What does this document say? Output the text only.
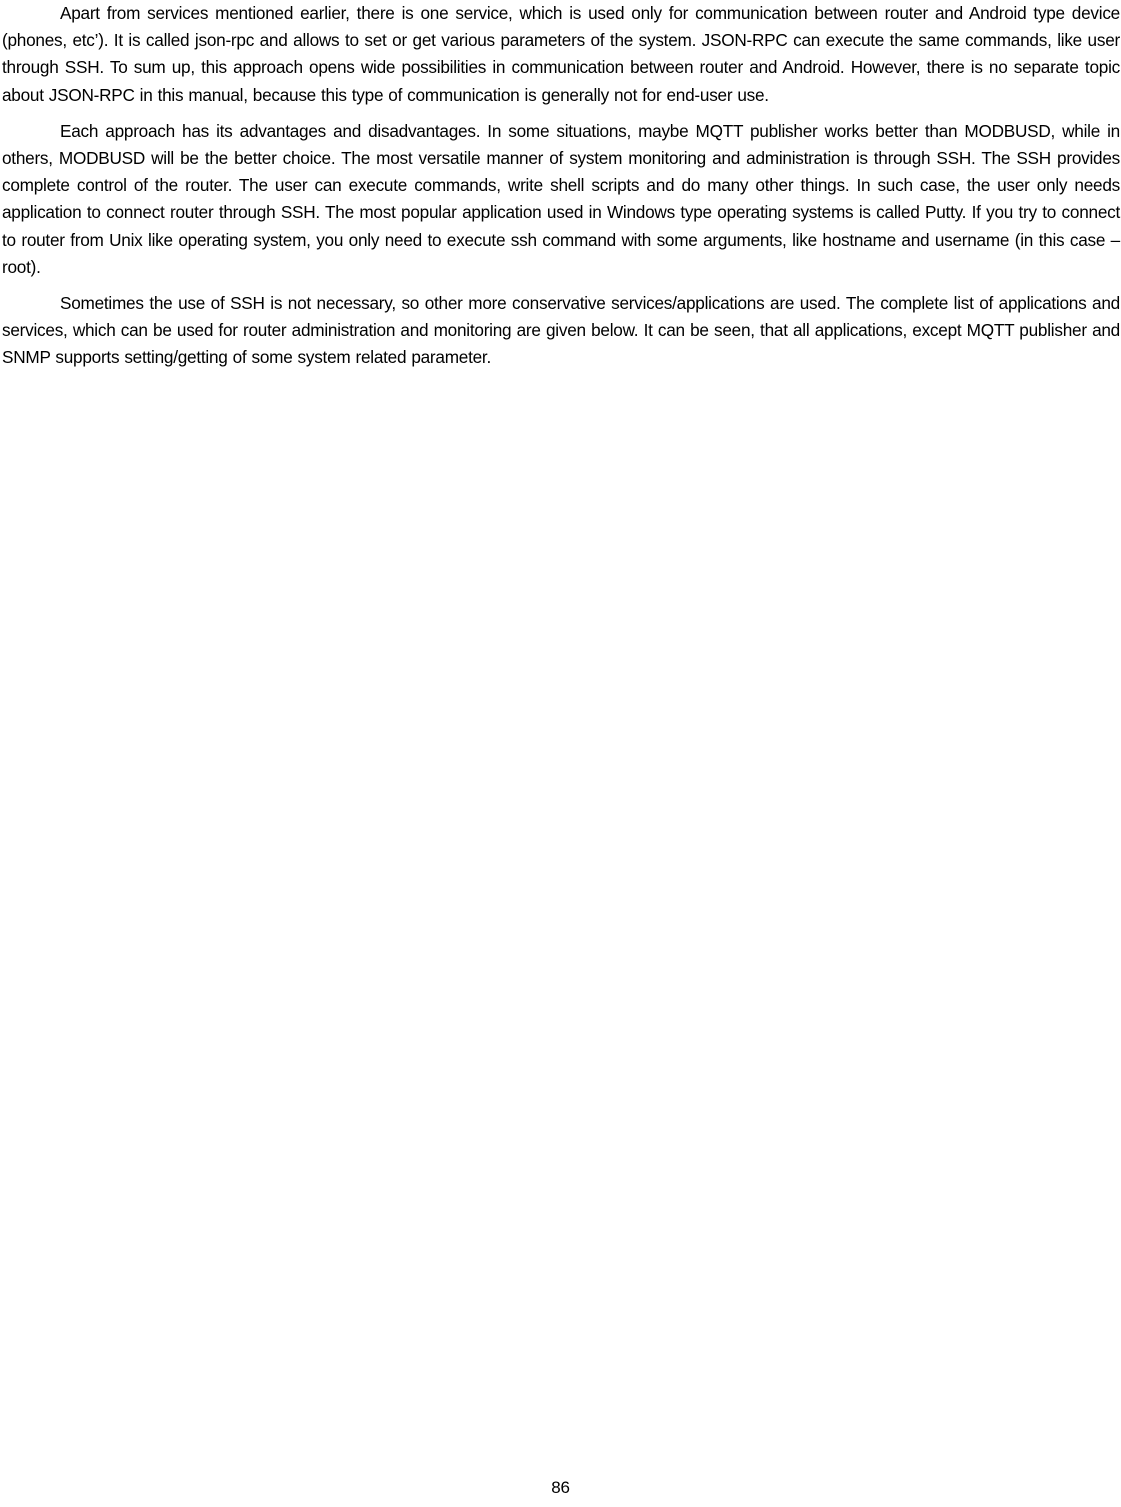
Apart from services mentioned earlier, there is one service, which is used only for communication between router and Android type device (phones, etc’). It is called json-rpc and allows to set or get various parameters of the system. JSON-RPC can execute the same commands, like user through SSH. To sum up, this approach opens wide possibilities in communication between router and Android. However, there is no separate topic about JSON-RPC in this manual, because this type of communication is generally not for end-user use.

Each approach has its advantages and disadvantages. In some situations, maybe MQTT publisher works better than MODBUSD, while in others, MODBUSD will be the better choice. The most versatile manner of system monitoring and administration is through SSH. The SSH provides complete control of the router. The user can execute commands, write shell scripts and do many other things. In such case, the user only needs application to connect router through SSH. The most popular application used in Windows type operating systems is called Putty. If you try to connect to router from Unix like operating system, you only need to execute ssh command with some arguments, like hostname and username (in this case – root).

Sometimes the use of SSH is not necessary, so other more conservative services/applications are used. The complete list of applications and services, which can be used for router administration and monitoring are given below. It can be seen, that all applications, except MQTT publisher and SNMP supports setting/getting of some system related parameter.

86
